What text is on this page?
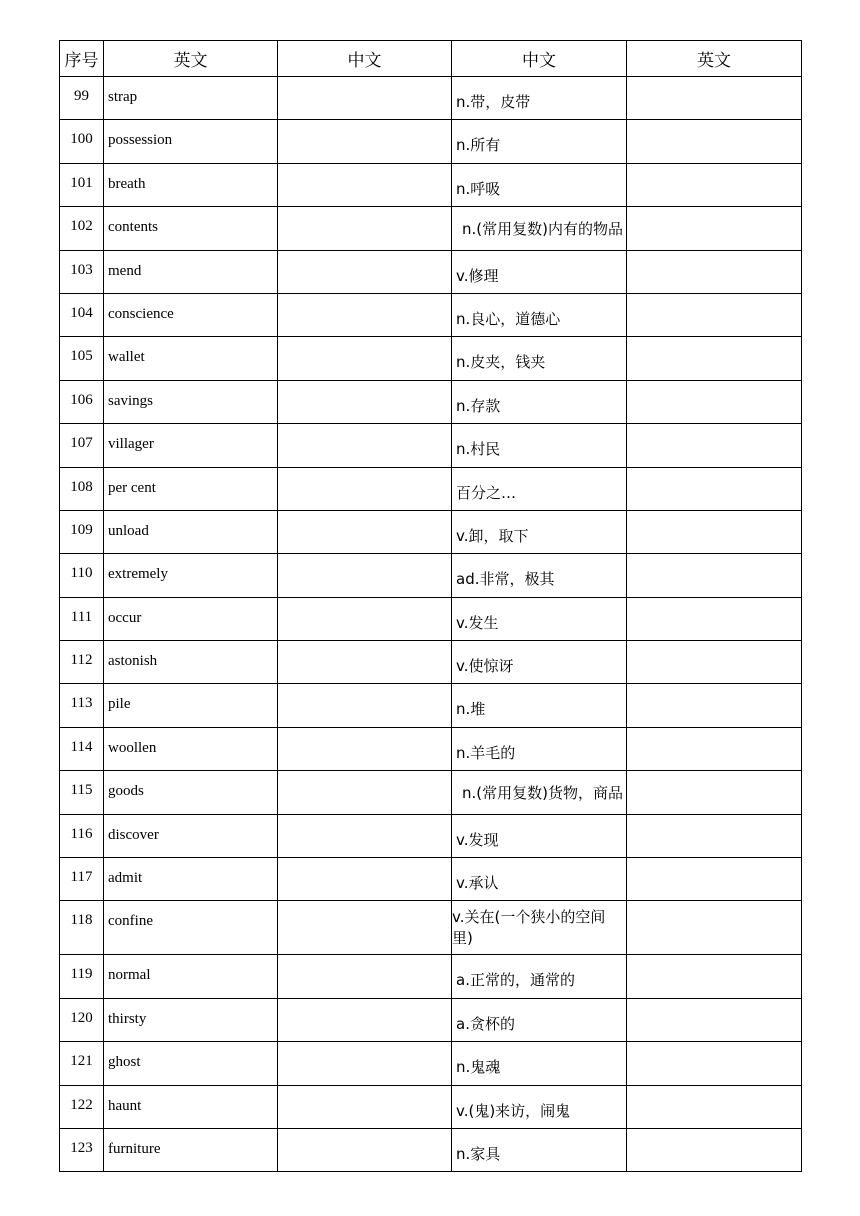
序号	英文	中文	中文	英文
99	strap		n.带，皮带	
100	possession		n.所有	
101	breath		n.呼吸	
102	contents		n.(常用复数)内有的物品	
103	mend		v.修理	
104	conscience		n.良心，道德心	
105	wallet		n.皮夹，钱夹	
106	savings		n.存款	
107	villager		n.村民	
108	per cent		百分之…	
109	unload		v.卸，取下	
110	extremely		ad.非常，极其	
111	occur		v.发生	
112	astonish		v.使惊讶	
113	pile		n.堆	
114	woollen		n.羊毛的	
115	goods		n.(常用复数)货物，商品	
116	discover		v.发现	
117	admit		v.承认	
118	confine		v.关在(一个狭小的空间里)	
119	normal		a.正常的，通常的	
120	thirsty		a.贪杯的	
121	ghost		n.鬼魂	
122	haunt		v.(鬼)来访，闹鬼	
123	furniture		n.家具	
